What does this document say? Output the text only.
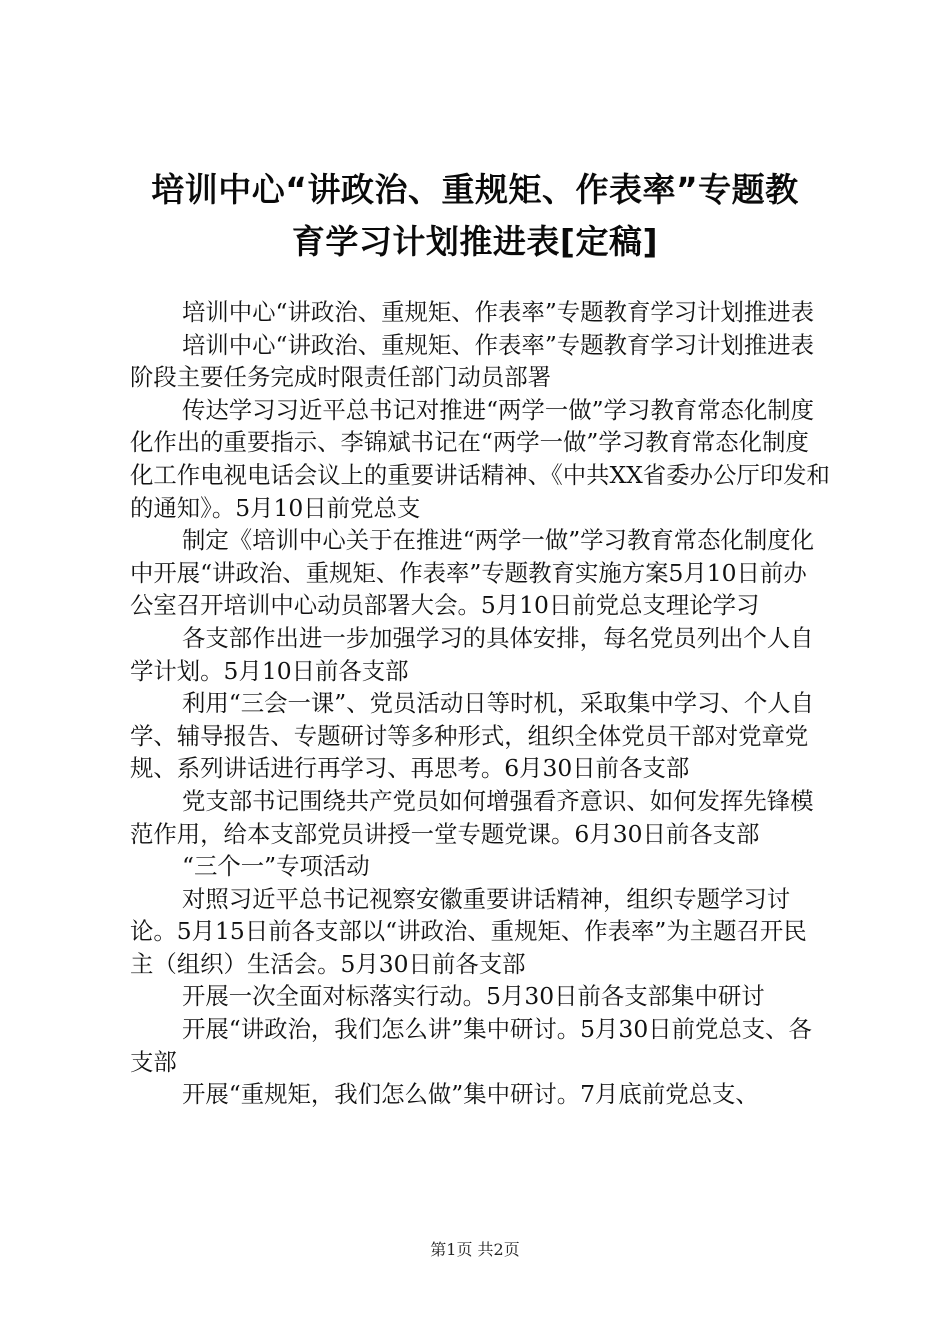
培训中心“讲政治、重规矩、作表率”专题教
育学习计划推进表[定稿]

培训中心“讲政治、重规矩、作表率”专题教育学习计划推进表

培训中心“讲政治、重规矩、作表率”专题教育学习计划推进表阶段主要任务完成时限责任部门动员部署

传达学习习近平总书记对推进“两学一做”学习教育常态化制度化作出的重要指示、李锦斌书记在“两学一做”学习教育常态化制度化工作电视电话会议上的重要讲话精神、《中共XX省委办公厅印发和的通知》。5月10日前党总支

制定《培训中心关于在推进“两学一做”学习教育常态化制度化中开展“讲政治、重规矩、作表率”专题教育实施方案5月10日前办公室召开培训中心动员部署大会。5月10日前党总支理论学习

各支部作出进一步加强学习的具体安排，每名党员列出个人自学计划。5月10日前各支部

利用“三会一课”、党员活动日等时机，采取集中学习、个人自学、辅导报告、专题研讨等多种形式，组织全体党员干部对党章党规、系列讲话进行再学习、再思考。6月30日前各支部

党支部书记围绕共产党员如何增强看齐意识、如何发挥先锋模范作用，给本支部党员讲授一堂专题党课。6月30日前各支部

“三个一”专项活动

对照习近平总书记视察安徽重要讲话精神，组织专题学习讨论。5月15日前各支部以“讲政治、重规矩、作表率”为主题召开民主（组织）生活会。5月30日前各支部

开展一次全面对标落实行动。5月30日前各支部集中研讨

开展“讲政治，我们怎么讲”集中研讨。5月30日前党总支、各支部

开展“重规矩，我们怎么做”集中研讨。7月底前党总支、

第1页 共2页
